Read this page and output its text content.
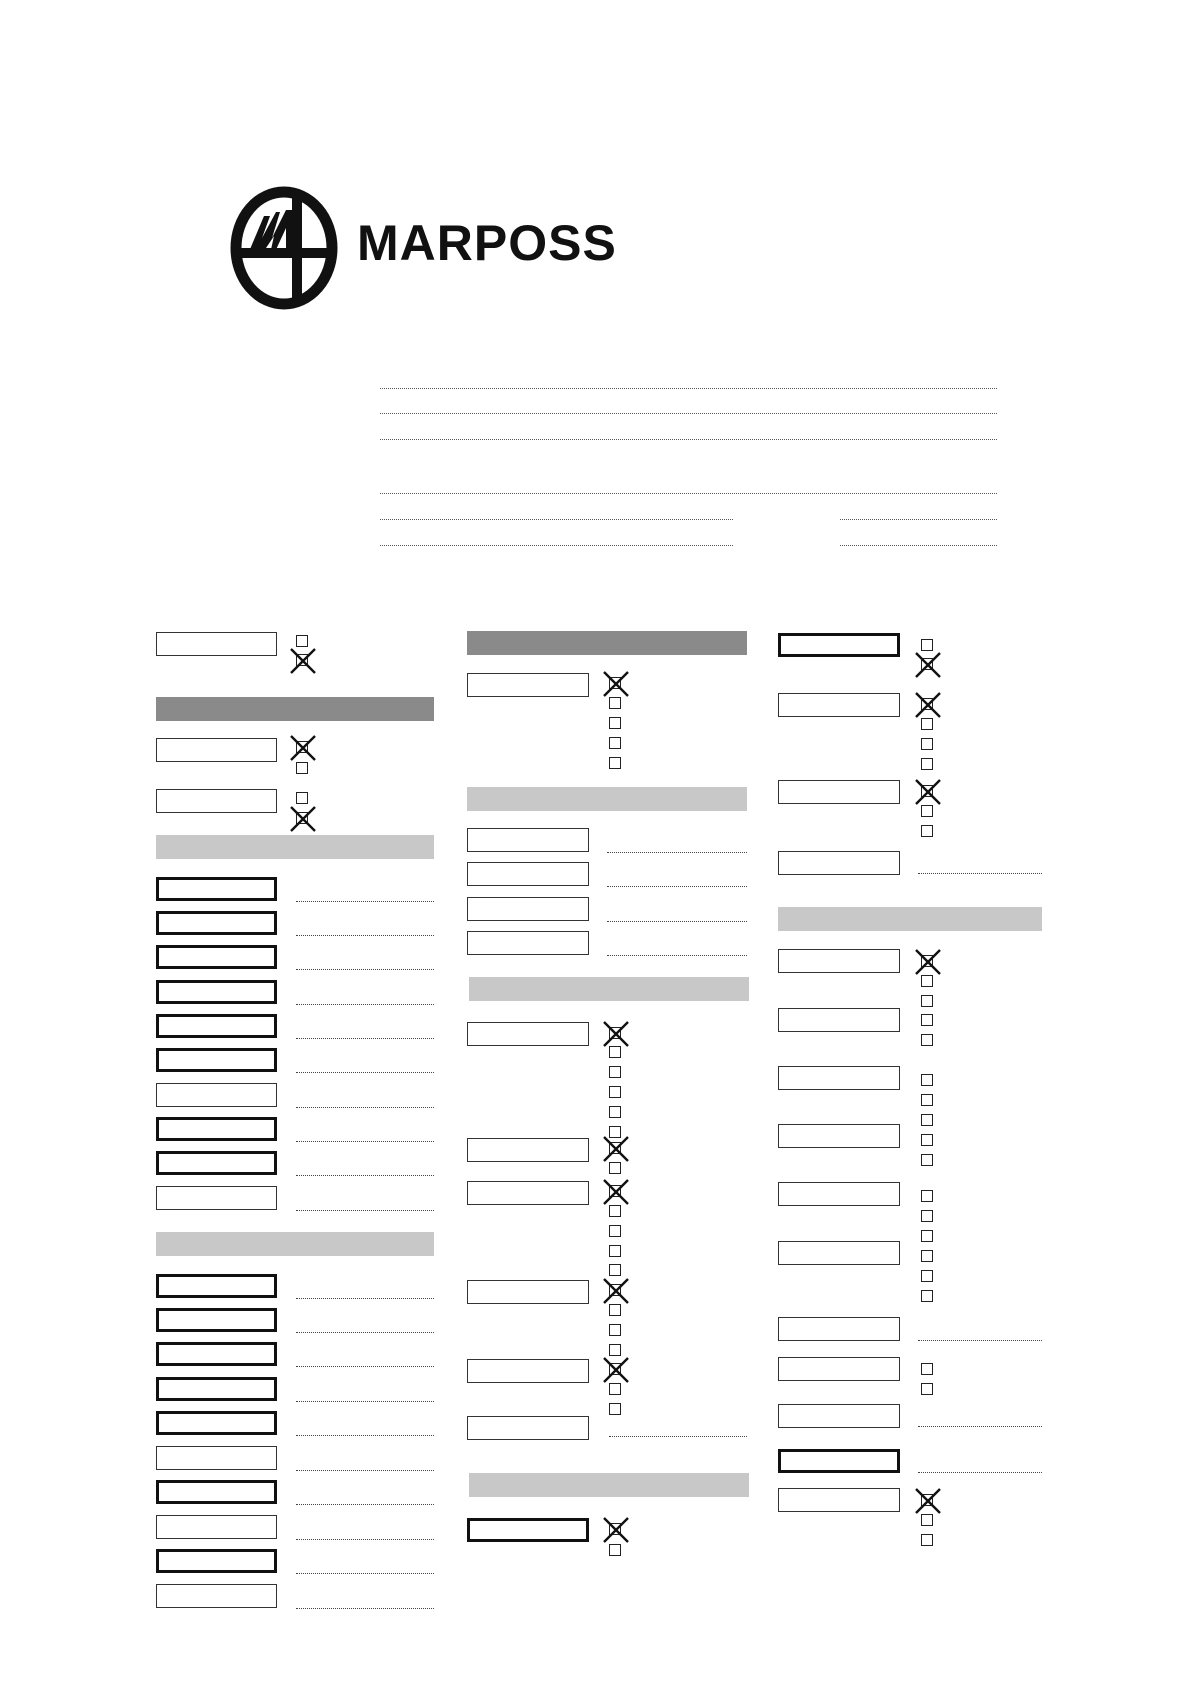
MARPOSS
